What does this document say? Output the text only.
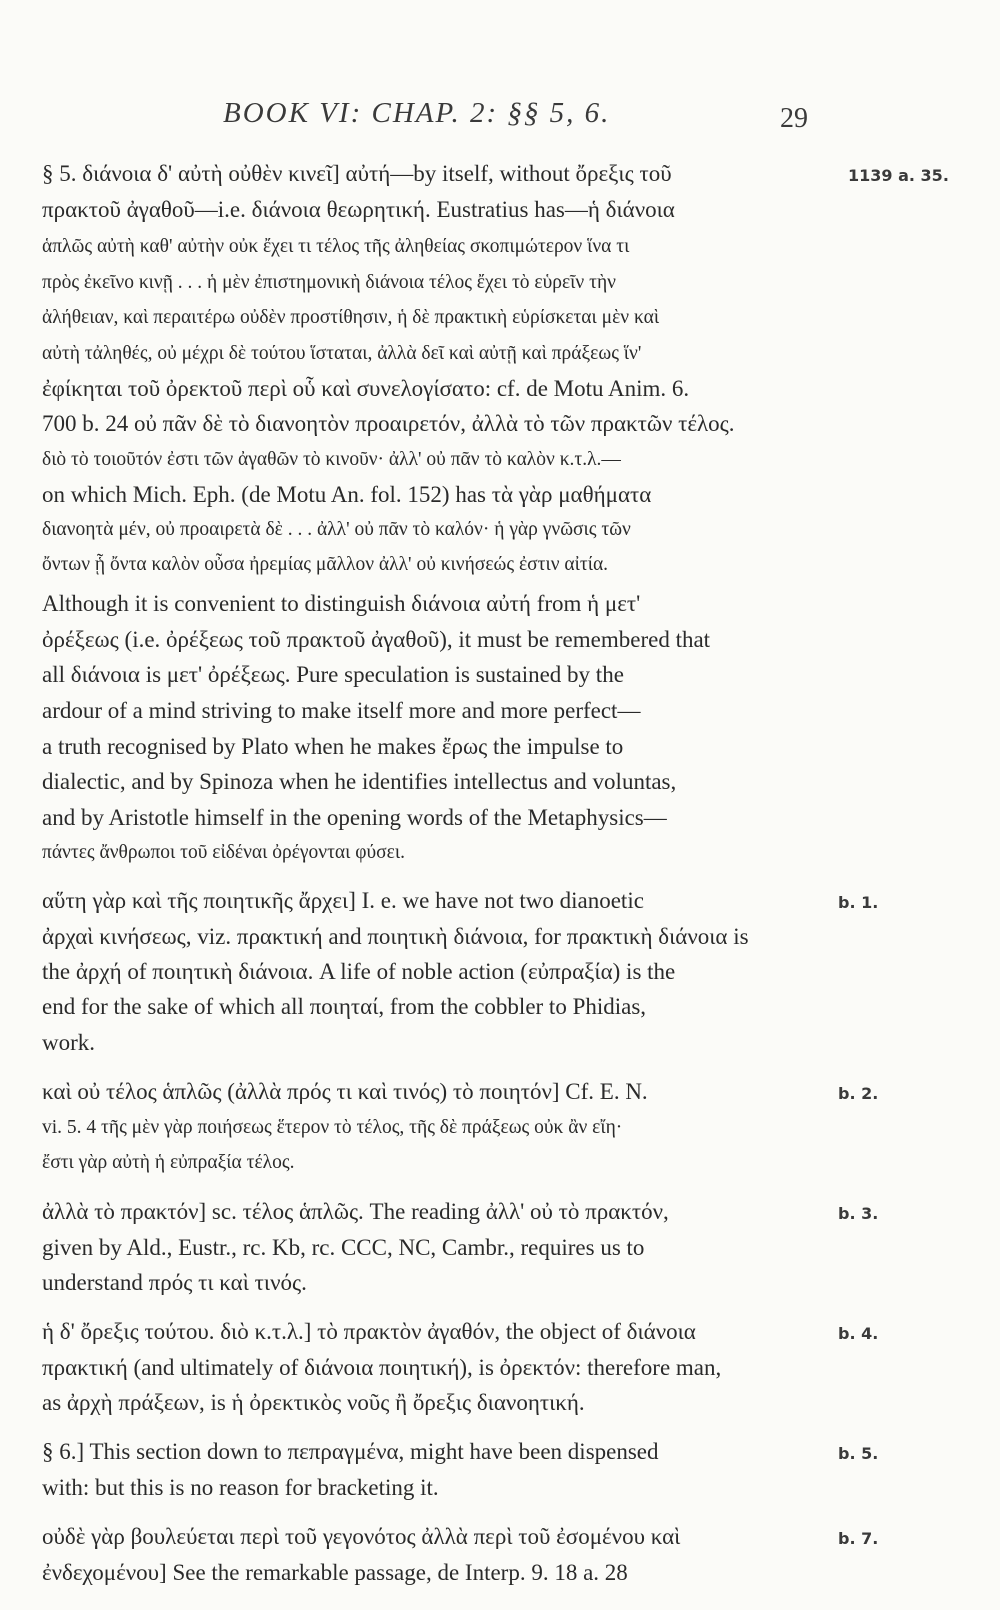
BOOK VI: CHAP. 2: §§ 5, 6.	29
§ 5. διάνοια δ' αὐτὴ οὐθὲν κινεῖ] αὐτή—by itself, without ὄρεξις τοῦ
πρακτοῦ ἀγαθοῦ—i.e. διάνοια θεωρητική. Eustratius has—ἡ διάνοια
ἁπλῶς αὐτὴ καθ' αὐτὴν οὐκ ἔχει τι τέλος τῆς ἀληθείας σκοπιμώτερον ἵνα τι
πρὸς ἐκεῖνο κινῇ . . . ἡ μὲν ἐπιστημονικὴ διάνοια τέλος ἔχει τὸ εὑρεῖν τὴν
ἀλήθειαν, καὶ περαιτέρω οὐδὲν προστίθησιν, ἡ δὲ πρακτικὴ εὑρίσκεται μὲν καὶ
αὐτὴ τἀληθές, οὐ μέχρι δὲ τούτου ἵσταται, ἀλλὰ δεῖ καὶ αὐτῇ καὶ πράξεως ἵν'
ἐφίκηται τοῦ ὀρεκτοῦ περὶ οὗ καὶ συνελογίσατο: cf. de Motu Anim. 6.
700 b. 24 οὐ πᾶν δὲ τὸ διανοητὸν προαιρετόν, ἀλλὰ τὸ τῶν πρακτῶν τέλος.
διὸ τὸ τοιοῦτόν ἐστι τῶν ἀγαθῶν τὸ κινοῦν· ἀλλ' οὐ πᾶν τὸ καλὸν κ.τ.λ.—
on which Mich. Eph. (de Motu An. fol. 152) has τὰ γὰρ μαθήματα
διανοητὰ μέν, οὐ προαιρετὰ δὲ . . . ἀλλ' οὐ πᾶν τὸ καλόν· ἡ γὰρ γνῶσις τῶν
ὄντων ᾗ ὄντα καλὸν οὖσα ἠρεμίας μᾶλλον ἀλλ' οὐ κινήσεώς ἐστιν αἰτία.
Although it is convenient to distinguish διάνοια αὐτή from ἡ μετ'
ὀρέξεως (i.e. ὀρέξεως τοῦ πρακτοῦ ἀγαθοῦ), it must be remembered that
all διάνοια is μετ' ὀρέξεως. Pure speculation is sustained by the
ardour of a mind striving to make itself more and more perfect—
a truth recognised by Plato when he makes ἔρως the impulse to
dialectic, and by Spinoza when he identifies intellectus and voluntas,
and by Aristotle himself in the opening words of the Metaphysics—
πάντες ἄνθρωποι τοῦ εἰδέναι ὀρέγονται φύσει.
αὕτη γὰρ καὶ τῆς ποιητικῆς ἄρχει] I. e. we have not two dianoetic
ἀρχαὶ κινήσεως, viz. πρακτική and ποιητικὴ διάνοια, for πρακτικὴ διάνοια is
the ἀρχή of ποιητικὴ διάνοια. A life of noble action (εὐπραξία) is the
end for the sake of which all ποιηταί, from the cobbler to Phidias,
work.
καὶ οὐ τέλος ἁπλῶς (ἀλλὰ πρός τι καὶ τινός) τὸ ποιητόν] Cf. E. N.
vi. 5. 4 τῆς μὲν γὰρ ποιήσεως ἕτερον τὸ τέλος, τῆς δὲ πράξεως οὐκ ἂν εἴη·
ἔστι γὰρ αὐτὴ ἡ εὐπραξία τέλος.
ἀλλὰ τὸ πρακτόν] sc. τέλος ἁπλῶς. The reading ἀλλ' οὐ τὸ πρακτόν,
given by Ald., Eustr., rc. Kb, rc. CCC, NC, Cambr., requires us to
understand πρός τι καὶ τινός.
ἡ δ' ὄρεξις τούτου. διὸ κ.τ.λ.] τὸ πρακτὸν ἀγαθόν, the object of διάνοια
πρακτική (and ultimately of διάνοια ποιητική), is ὀρεκτόν: therefore man,
as ἀρχὴ πράξεων, is ἡ ὀρεκτικὸς νοῦς ἢ ὄρεξις διανοητική.
§ 6.] This section down to πεπραγμένα, might have been dispensed
with: but this is no reason for bracketing it.
οὐδὲ γὰρ βουλεύεται περὶ τοῦ γεγονότος ἀλλὰ περὶ τοῦ ἐσομένου καὶ
ἐνδεχομένου] See the remarkable passage, de Interp. 9. 18 a. 28
1139 a. 35.
b. 1.
b. 2.
b. 3.
b. 4.
b. 5.
b. 7.
